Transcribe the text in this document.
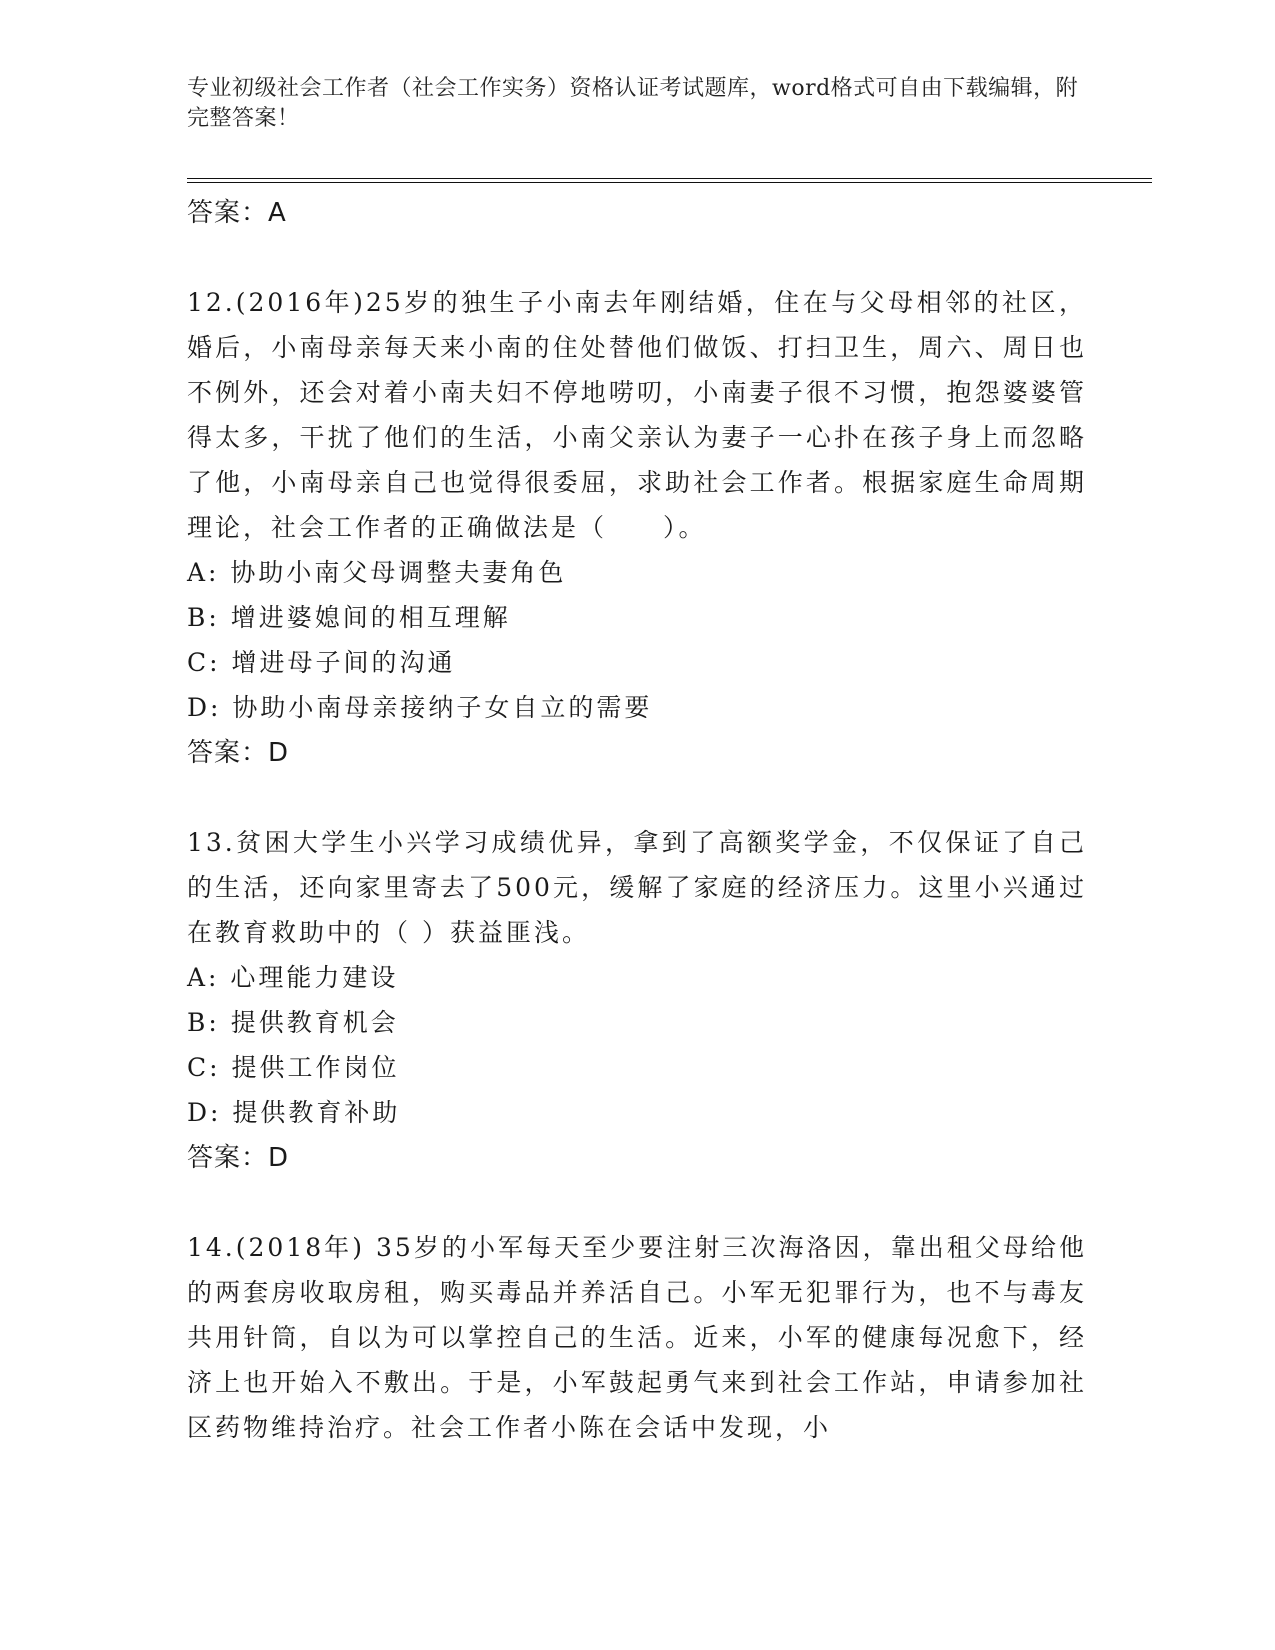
专业初级社会工作者（社会工作实务）资格认证考试题库，word格式可自由下载编辑，附完整答案！

答案：A

12.(2016年)25岁的独生子小南去年刚结婚，住在与父母相邻的社区，婚后，小南母亲每天来小南的住处替他们做饭、打扫卫生，周六、周日也不例外，还会对着小南夫妇不停地唠叨，小南妻子很不习惯，抱怨婆婆管得太多，干扰了他们的生活，小南父亲认为妻子一心扑在孩子身上而忽略了他，小南母亲自己也觉得很委屈，求助社会工作者。根据家庭生命周期理论，社会工作者的正确做法是（　　）。

A: 协助小南父母调整夫妻角色

B: 增进婆媳间的相互理解

C: 增进母子间的沟通

D: 协助小南母亲接纳子女自立的需要

答案：D

13.贫困大学生小兴学习成绩优异，拿到了高额奖学金，不仅保证了自己的生活，还向家里寄去了500元，缓解了家庭的经济压力。这里小兴通过在教育救助中的（ ）获益匪浅。

A: 心理能力建设

B: 提供教育机会

C: 提供工作岗位

D: 提供教育补助

答案：D

14.(2018年) 35岁的小军每天至少要注射三次海洛因，靠出租父母给他的两套房收取房租，购买毒品并养活自己。小军无犯罪行为，也不与毒友共用针筒，自以为可以掌控自己的生活。近来，小军的健康每况愈下，经济上也开始入不敷出。于是，小军鼓起勇气来到社会工作站，申请参加社区药物维持治疗。社会工作者小陈在会话中发现，小
